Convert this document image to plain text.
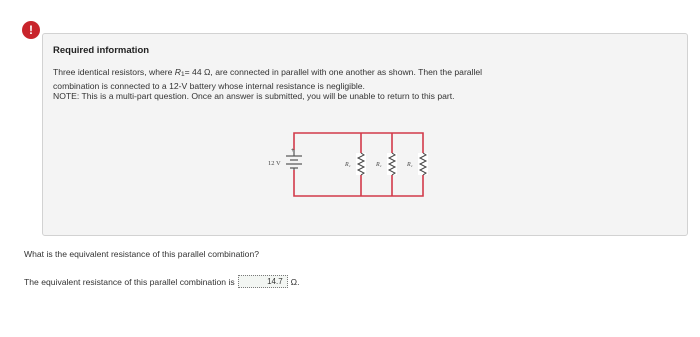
!
Required information
Three identical resistors, where R1= 44 Ω, are connected in parallel with one another as shown. Then the parallel
combination is connected to a 12-V battery whose internal resistance is negligible.
NOTE: This is a multi-part question. Once an answer is submitted, you will be unable to return to this part.
+
12 V	R₁	R₁	R₁
What is the equivalent resistance of this parallel combination?
The equivalent resistance of this parallel combination is	14.7 Ω.
